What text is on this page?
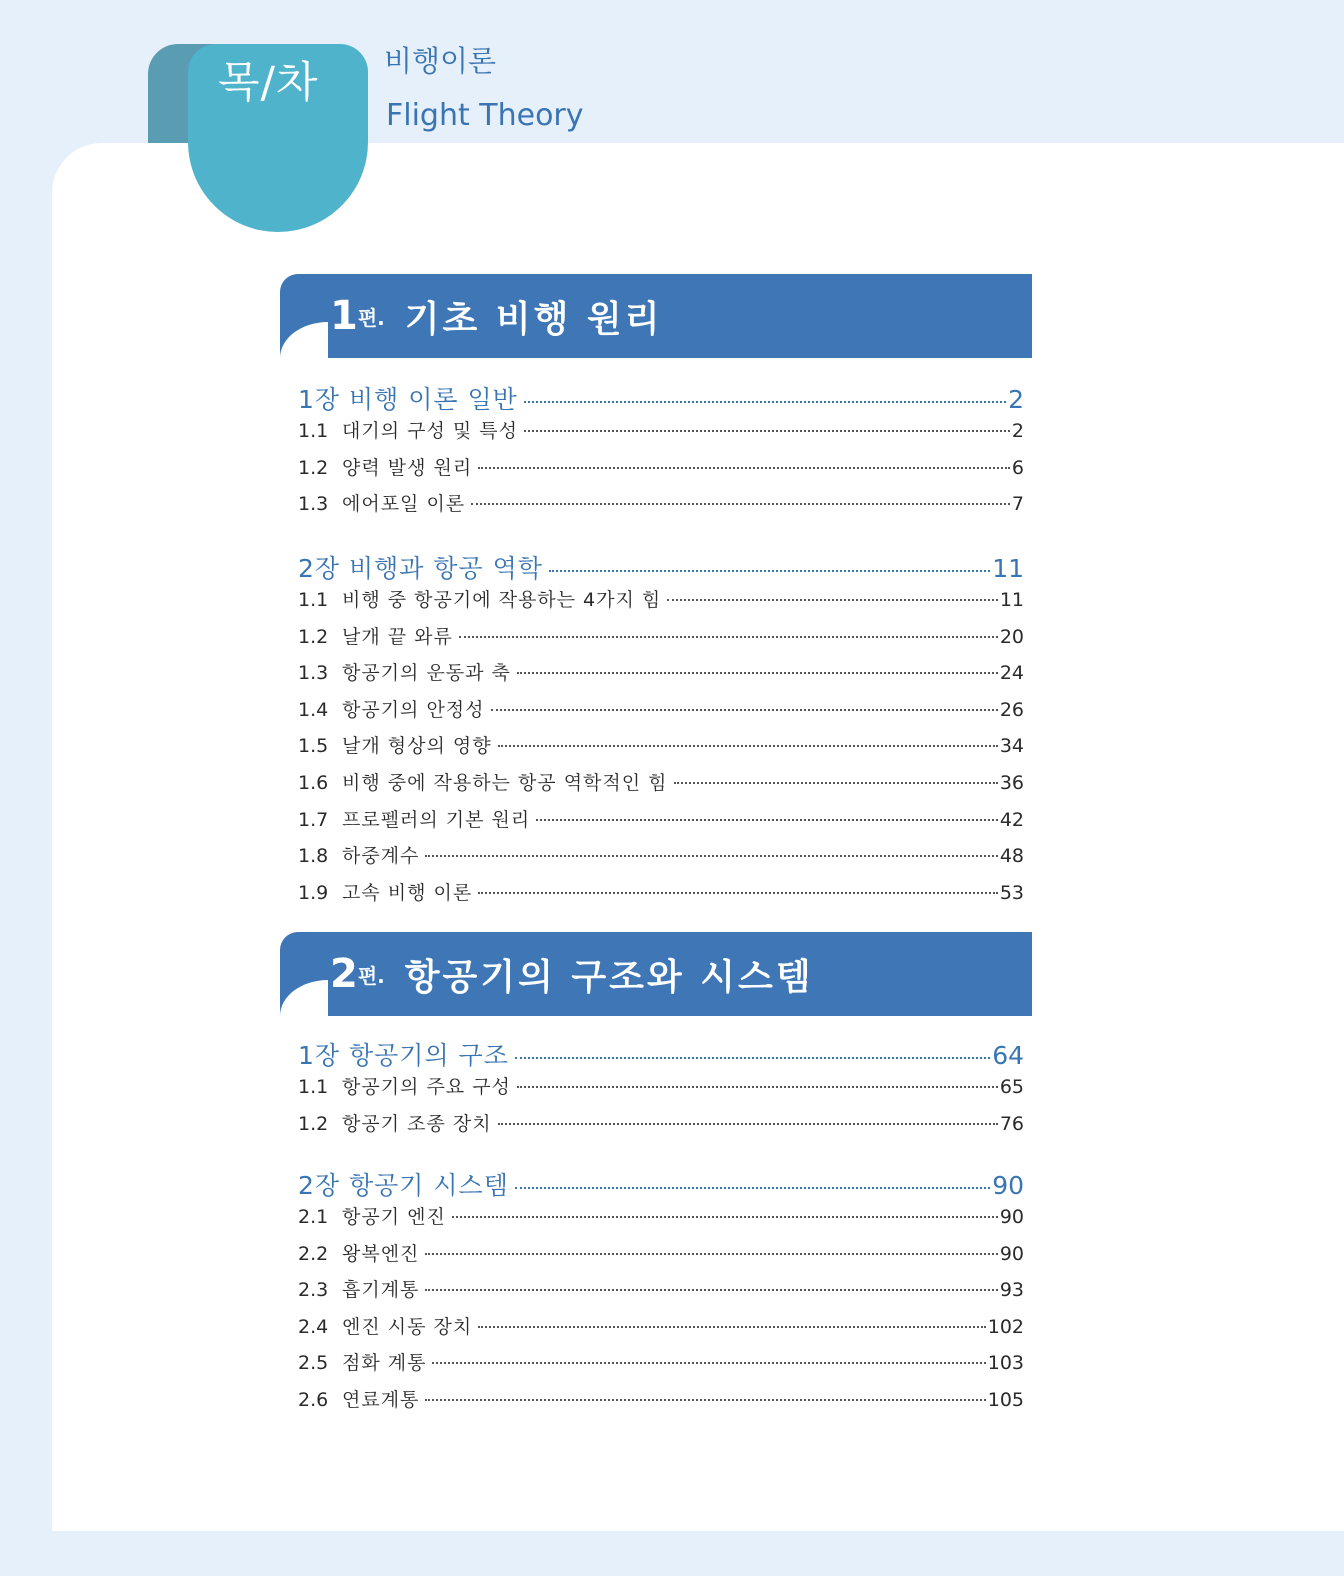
목/차 비행이론
Flight Theory
1 편. 기초 비행 원리
1장 비행 이론 일반	2
1.1 대기의 구성 및 특성	2
1.2 양력 발생 원리	6
1.3 에어포일 이론	7
2장 비행과 항공 역학	11
1.1 비행 중 항공기에 작용하는 4가지 힘	11
1.2 날개 끝 와류	20
1.3 항공기의 운동과 축	24
1.4 항공기의 안정성	26
1.5 날개 형상의 영향	34
1.6 비행 중에 작용하는 항공 역학적인 힘	36
1.7 프로펠러의 기본 원리	42
1.8 하중계수	48
1.9 고속 비행 이론	53
2 편. 항공기의 구조와 시스템
1장 항공기의 구조	64
1.1 항공기의 주요 구성	65
1.2 항공기 조종 장치	76
2장 항공기 시스템	90
2.1 항공기 엔진	90
2.2 왕복엔진	90
2.3 흡기계통	93
2.4 엔진 시동 장치	102
2.5 점화 계통	103
2.6 연료계통	105
